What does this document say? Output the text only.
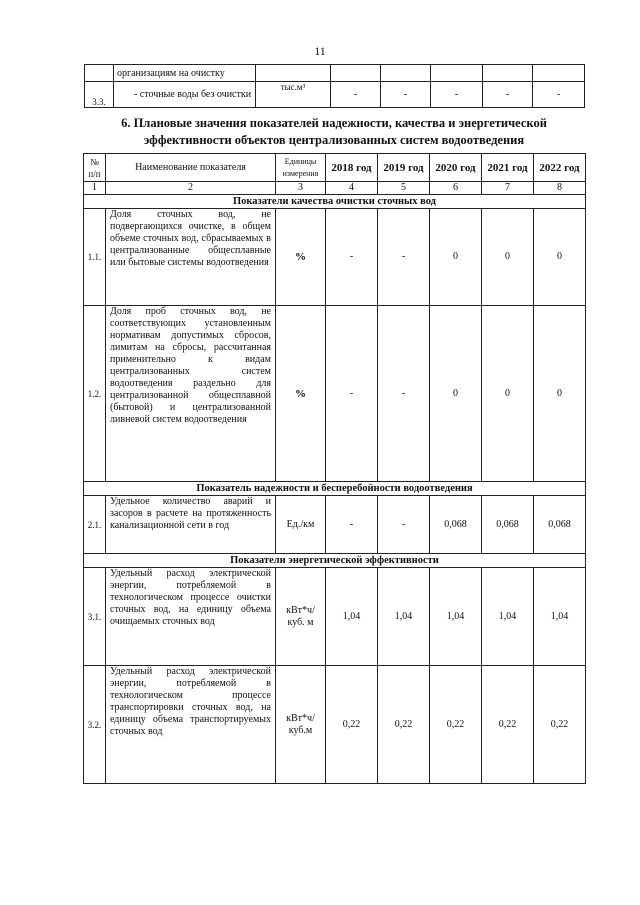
11
	организациям на очистку						
3.3.	- сточные воды без очистки	тыс.м³	-	-	-	-	-
6. Плановые значения показателей надежности, качества и энергетической эффективности объектов централизованных систем водоотведения
№ п/п	Наименование показателя	Единицы измерения	2018 год	2019 год	2020 год	2021 год	2022 год
1	2	3	4	5	6	7	8
Показатели качества очистки сточных вод							
1.1.	Доля сточных вод, не подвергающихся очистке, в общем объеме сточных вод, сбрасываемых в централизованные общесплавные или бытовые системы водоотведения	%	-	-	0	0	0
1.2.	Доля проб сточных вод, не соответствующих установленным нормативам допустимых сбросов, лимитам на сбросы, рассчитанная применительно к видам централизованных систем водоотведения раздельно для централизованной общесплавной (бытовой) и централизованной ливневой систем водоотведения	%	-	-	0	0	0
Показатель надежности и бесперебойности водоотведения							
2.1.	Удельное количество аварий и засоров в расчете на протяженность канализационной сети в год	Ед./км	-	-	0,068	0,068	0,068
Показатели энергетической эффективности							
3.1.	Удельный расход электрической энергии, потребляемой в технологическом процессе очистки сточных вод, на единицу объема очищаемых сточных вод	кВт*ч/ куб. м	1,04	1,04	1,04	1,04	1,04
3.2.	Удельный расход электрической энергии, потребляемой в технологическом процессе транспортировки сточных вод, на единицу объема транспортируемых сточных вод	кВт*ч/ куб.м	0,22	0,22	0,22	0,22	0,22
